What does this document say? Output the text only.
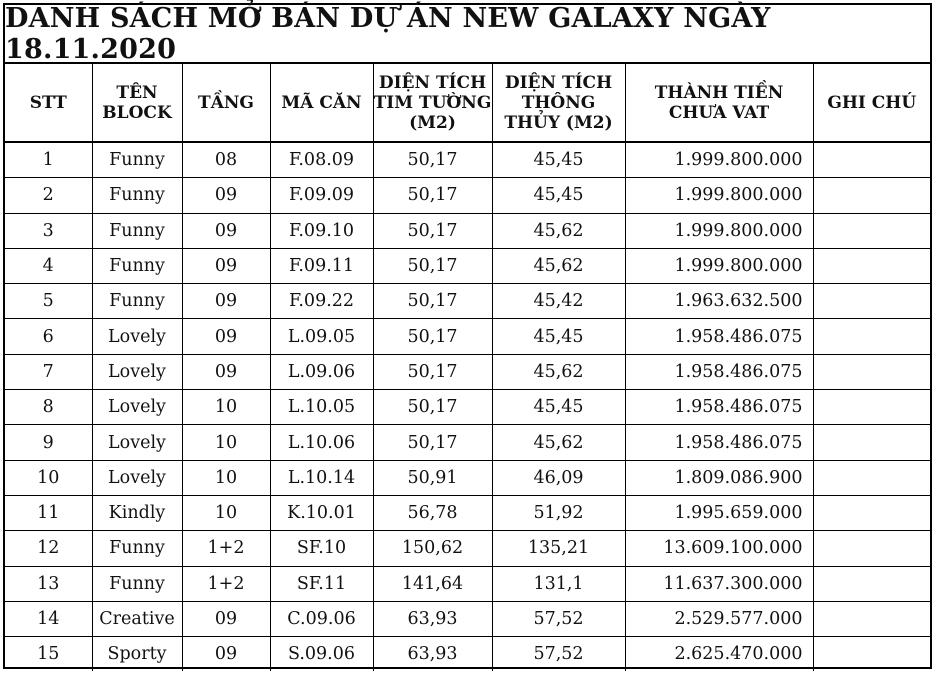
DANH SÁCH MỞ BÁN DỰ ÁN NEW GALAXY NGÀY 18.11.2020
STT	TÊN BLOCK	TẦNG	MÃ CĂN	DIỆN TÍCH TIM TƯỜNG (M2)	DIỆN TÍCH THÔNG THỦY (M2)	THÀNH TIỀN CHƯA VAT	GHI CHÚ
1	Funny	08	F.08.09	50,17	45,45	1.999.800.000	
2	Funny	09	F.09.09	50,17	45,45	1.999.800.000	
3	Funny	09	F.09.10	50,17	45,62	1.999.800.000	
4	Funny	09	F.09.11	50,17	45,62	1.999.800.000	
5	Funny	09	F.09.22	50,17	45,42	1.963.632.500	
6	Lovely	09	L.09.05	50,17	45,45	1.958.486.075	
7	Lovely	09	L.09.06	50,17	45,62	1.958.486.075	
8	Lovely	10	L.10.05	50,17	45,45	1.958.486.075	
9	Lovely	10	L.10.06	50,17	45,62	1.958.486.075	
10	Lovely	10	L.10.14	50,91	46,09	1.809.086.900	
11	Kindly	10	K.10.01	56,78	51,92	1.995.659.000	
12	Funny	1+2	SF.10	150,62	135,21	13.609.100.000	
13	Funny	1+2	SF.11	141,64	131,1	11.637.300.000	
14	Creative	09	C.09.06	63,93	57,52	2.529.577.000	
15	Sporty	09	S.09.06	63,93	57,52	2.625.470.000	
